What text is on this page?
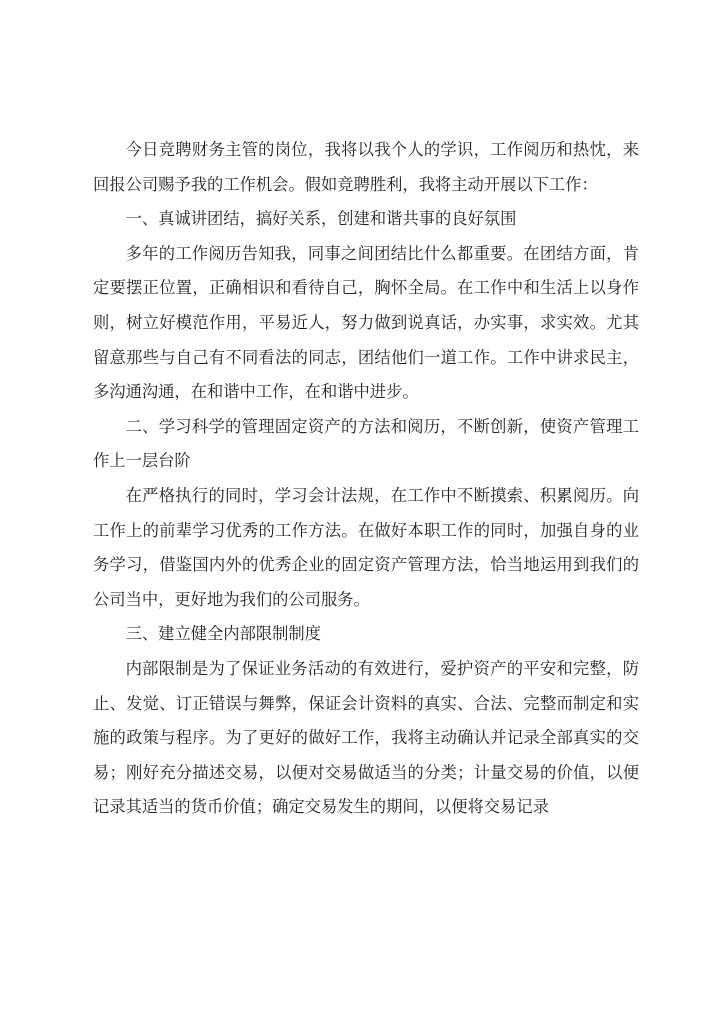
今日竞聘财务主管的岗位，我将以我个人的学识，工作阅历和热忱，来回报公司赐予我的工作机会。假如竞聘胜利，我将主动开展以下工作：

一、真诚讲团结，搞好关系，创建和谐共事的良好氛围

多年的工作阅历告知我，同事之间团结比什么都重要。在团结方面，肯定要摆正位置，正确相识和看待自己，胸怀全局。在工作中和生活上以身作则，树立好模范作用，平易近人，努力做到说真话，办实事，求实效。尤其留意那些与自己有不同看法的同志，团结他们一道工作。工作中讲求民主，多沟通沟通，在和谐中工作，在和谐中进步。

二、学习科学的管理固定资产的方法和阅历，不断创新，使资产管理工作上一层台阶

在严格执行的同时，学习会计法规，在工作中不断摸索、积累阅历。向工作上的前辈学习优秀的工作方法。在做好本职工作的同时，加强自身的业务学习，借鉴国内外的优秀企业的固定资产管理方法，恰当地运用到我们的公司当中，更好地为我们的公司服务。

三、建立健全内部限制制度

内部限制是为了保证业务活动的有效进行，爱护资产的平安和完整，防止、发觉、订正错误与舞弊，保证会计资料的真实、合法、完整而制定和实施的政策与程序。为了更好的做好工作，我将主动确认并记录全部真实的交易；刚好充分描述交易，以便对交易做适当的分类；计量交易的价值，以便记录其适当的货币价值；确定交易发生的期间，以便将交易记录
